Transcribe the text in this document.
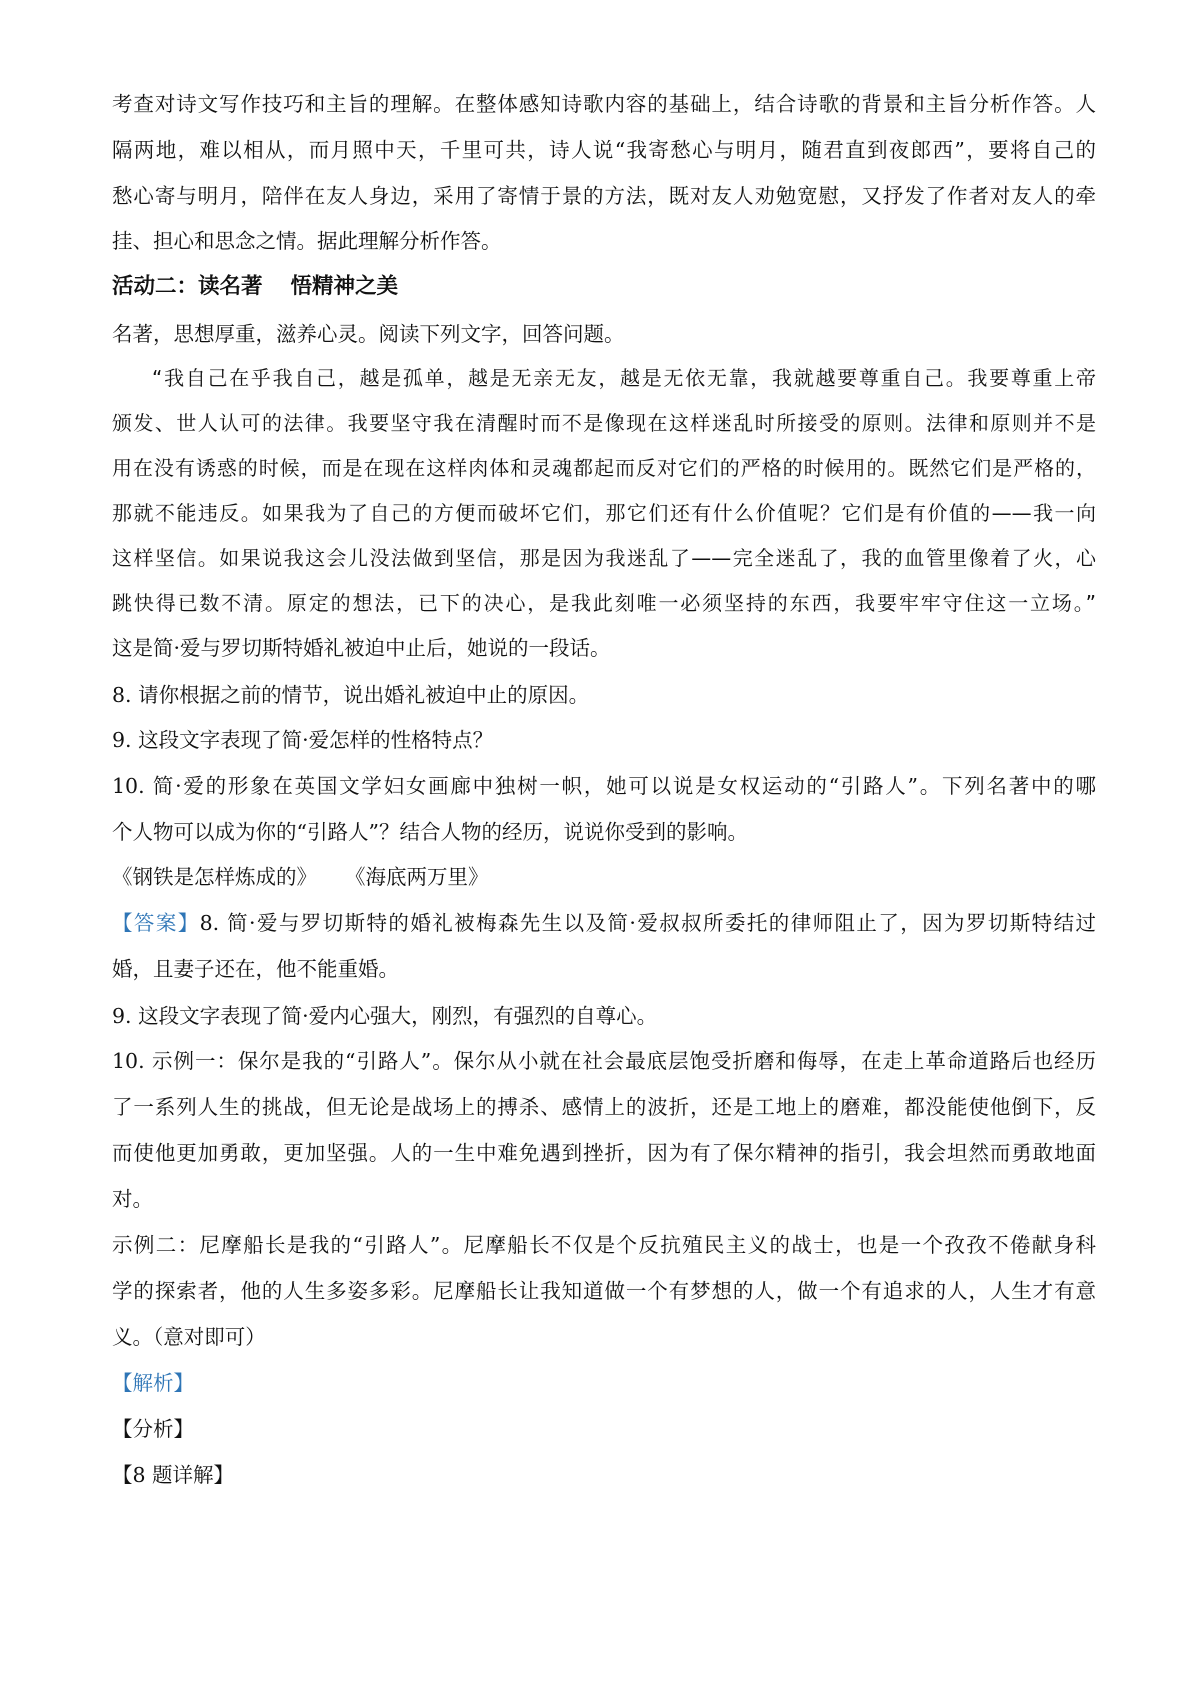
考查对诗文写作技巧和主旨的理解。在整体感知诗歌内容的基础上，结合诗歌的背景和主旨分析作答。人

隔两地，难以相从，而月照中天，千里可共，诗人说“我寄愁心与明月，随君直到夜郎西”，要将自己的

愁心寄与明月，陪伴在友人身边，采用了寄情于景的方法，既对友人劝勉宽慰，又抒发了作者对友人的牵

挂、担心和思念之情。据此理解分析作答。

活动二：读名著 悟精神之美

名著，思想厚重，滋养心灵。阅读下列文字，回答问题。

“我自己在乎我自己，越是孤单，越是无亲无友，越是无依无靠，我就越要尊重自己。我要尊重上帝

颁发、世人认可的法律。我要坚守我在清醒时而不是像现在这样迷乱时所接受的原则。法律和原则并不是

用在没有诱惑的时候，而是在现在这样肉体和灵魂都起而反对它们的严格的时候用的。既然它们是严格的，

那就不能违反。如果我为了自己的方便而破坏它们，那它们还有什么价值呢？它们是有价值的——我一向

这样坚信。如果说我这会儿没法做到坚信，那是因为我迷乱了——完全迷乱了，我的血管里像着了火，心

跳快得已数不清。原定的想法，已下的决心，是我此刻唯一必须坚持的东西，我要牢牢守住这一立场。”

这是简·爱与罗切斯特婚礼被迫中止后，她说的一段话。

8. 请你根据之前的情节，说出婚礼被迫中止的原因。

9. 这段文字表现了简·爱怎样的性格特点？

10. 简·爱的形象在英国文学妇女画廊中独树一帜，她可以说是女权运动的“引路人”。下列名著中的哪

个人物可以成为你的“引路人”？结合人物的经历，说说你受到的影响。

《钢铁是怎样炼成的》 《海底两万里》

【答案】8. 简·爱与罗切斯特的婚礼被梅森先生以及简·爱叔叔所委托的律师阻止了，因为罗切斯特结过

婚，且妻子还在，他不能重婚。

9. 这段文字表现了简·爱内心强大，刚烈，有强烈的自尊心。

10. 示例一：保尔是我的“引路人”。保尔从小就在社会最底层饱受折磨和侮辱，在走上革命道路后也经历

了一系列人生的挑战，但无论是战场上的搏杀、感情上的波折，还是工地上的磨难，都没能使他倒下，反

而使他更加勇敢，更加坚强。人的一生中难免遇到挫折，因为有了保尔精神的指引，我会坦然而勇敢地面

对。

示例二：尼摩船长是我的“引路人”。尼摩船长不仅是个反抗殖民主义的战士，也是一个孜孜不倦献身科

学的探索者，他的人生多姿多彩。尼摩船长让我知道做一个有梦想的人，做一个有追求的人，人生才有意

义。（意对即可）

【解析】

【分析】

【8 题详解】
